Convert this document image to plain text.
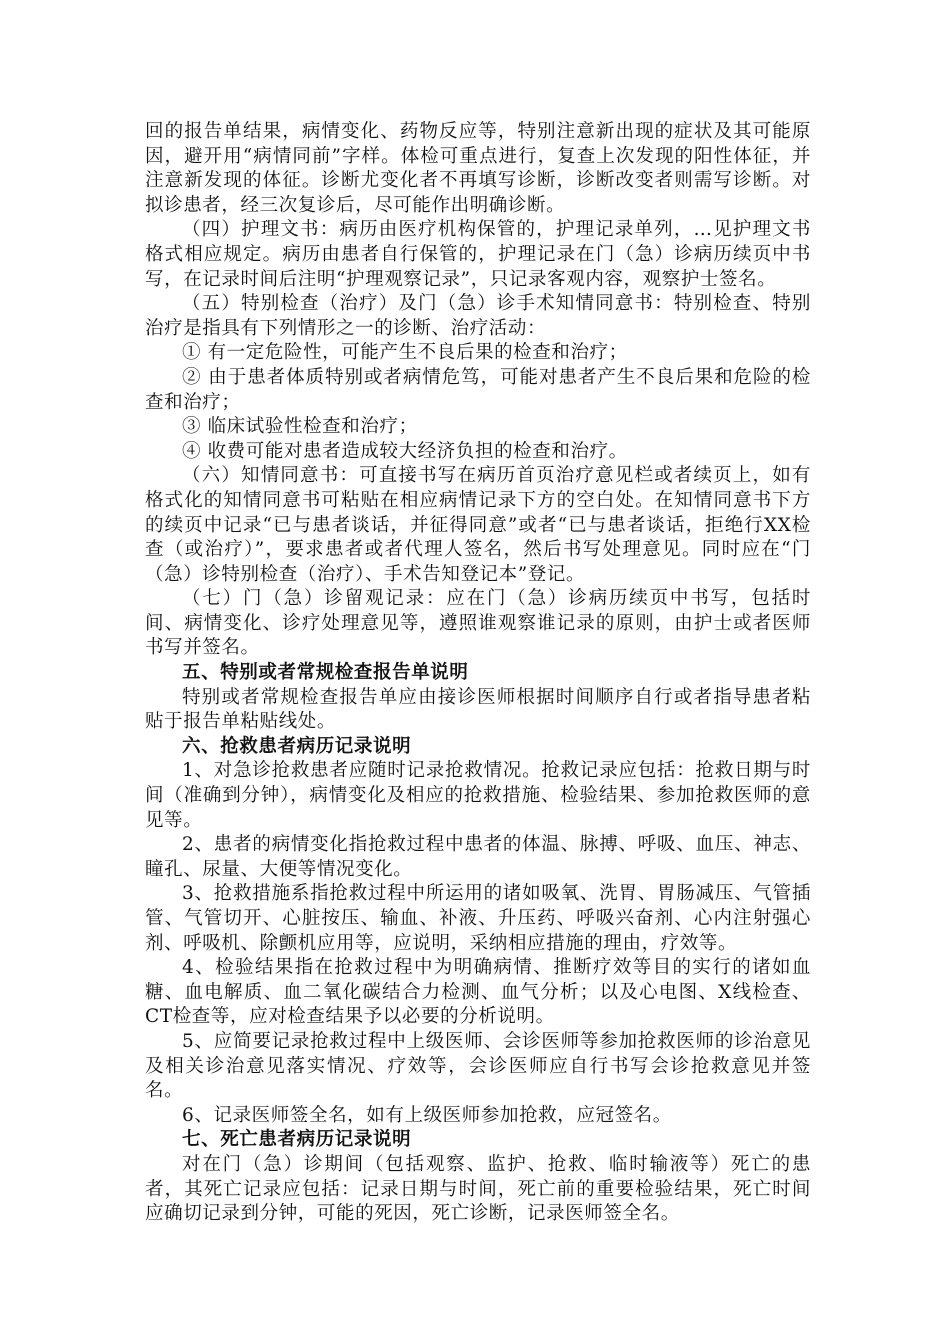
回的报告单结果，病情变化、药物反应等，特别注意新出现的症状及其可能原因，避开用“病情同前”字样。体检可重点进行，复查上次发现的阳性体征，并注意新发现的体征。诊断尤变化者不再填写诊断，诊断改变者则需写诊断。对拟诊患者，经三次复诊后，尽可能作出明确诊断。

（四）护理文书：病历由医疗机构保管的，护理记录单列，…见护理文书格式相应规定。病历由患者自行保管的，护理记录在门（急）诊病历续页中书写，在记录时间后注明“护理观察记录”，只记录客观内容，观察护士签名。

（五）特别检查（治疗）及门（急）诊手术知情同意书：特别检查、特别治疗是指具有下列情形之一的诊断、治疗活动：

① 有一定危险性，可能产生不良后果的检查和治疗；

② 由于患者体质特别或者病情危笃，可能对患者产生不良后果和危险的检查和治疗；

③ 临床试验性检查和治疗；

④ 收费可能对患者造成较大经济负担的检查和治疗。

（六）知情同意书：可直接书写在病历首页治疗意见栏或者续页上，如有格式化的知情同意书可粘贴在相应病情记录下方的空白处。在知情同意书下方的续页中记录“已与患者谈话，并征得同意”或者“已与患者谈话，拒绝行XX检查（或治疗）”，要求患者或者代理人签名，然后书写处理意见。同时应在“门（急）诊特别检查（治疗）、手术告知登记本”登记。

（七）门（急）诊留观记录：应在门（急）诊病历续页中书写，包括时间、病情变化、诊疗处理意见等，遵照谁观察谁记录的原则，由护士或者医师书写并签名。

五、特别或者常规检查报告单说明

特别或者常规检查报告单应由接诊医师根据时间顺序自行或者指导患者粘贴于报告单粘贴线处。

六、抢救患者病历记录说明

1、对急诊抢救患者应随时记录抢救情况。抢救记录应包括：抢救日期与时间（准确到分钟），病情变化及相应的抢救措施、检验结果、参加抢救医师的意见等。

2、患者的病情变化指抢救过程中患者的体温、脉搏、呼吸、血压、神志、瞳孔、尿量、大便等情况变化。

3、抢救措施系指抢救过程中所运用的诸如吸氧、洗胃、胃肠减压、气管插管、气管切开、心脏按压、输血、补液、升压药、呼吸兴奋剂、心内注射强心剂、呼吸机、除颤机应用等，应说明，采纳相应措施的理由，疗效等。

4、检验结果指在抢救过程中为明确病情、推断疗效等目的实行的诸如血糖、血电解质、血二氧化碳结合力检测、血气分析；以及心电图、X线检查、CT检查等，应对检查结果予以必要的分析说明。

5、应简要记录抢救过程中上级医师、会诊医师等参加抢救医师的诊治意见及相关诊治意见落实情况、疗效等，会诊医师应自行书写会诊抢救意见并签名。

6、记录医师签全名，如有上级医师参加抢救，应冠签名。

七、死亡患者病历记录说明

对在门（急）诊期间（包括观察、监护、抢救、临时输液等）死亡的患者，其死亡记录应包括：记录日期与时间，死亡前的重要检验结果，死亡时间应确切记录到分钟，可能的死因，死亡诊断，记录医师签全名。
